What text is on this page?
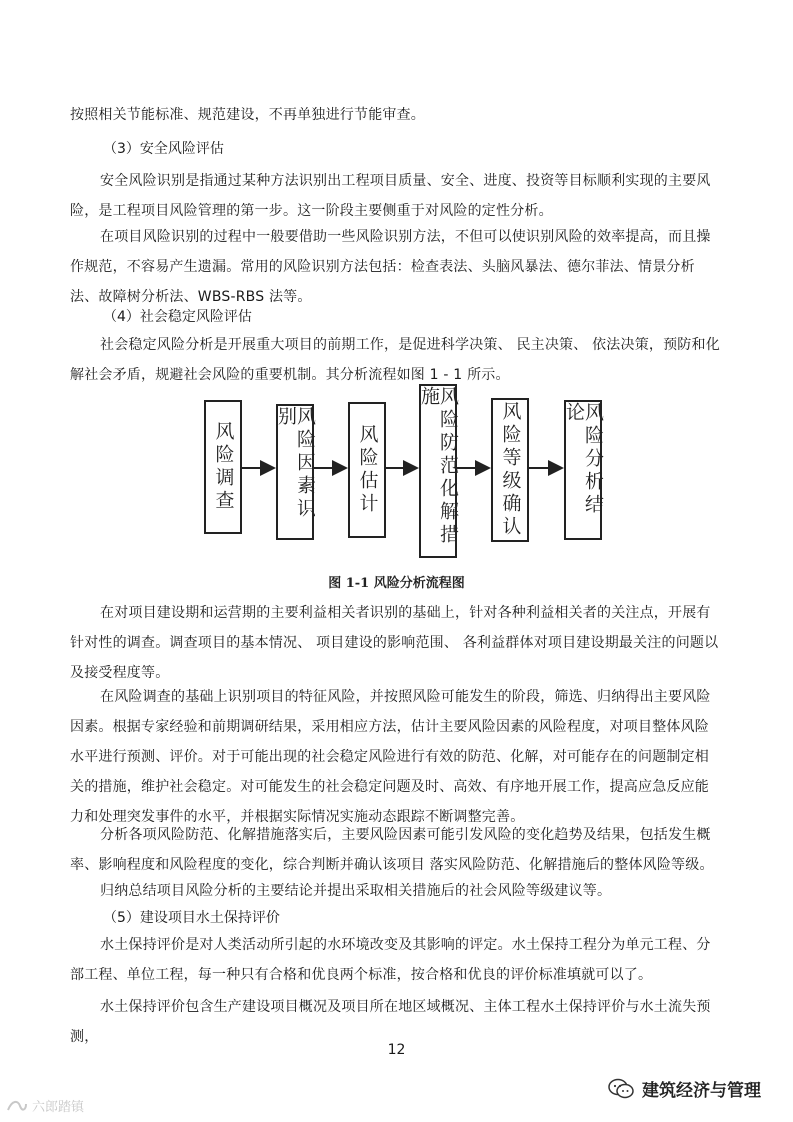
按照相关节能标准、规范建设，不再单独进行节能审查。

（3）安全风险评估

安全风险识别是指通过某种方法识别出工程项目质量、安全、进度、投资等目标顺利实现的主要风险，是工程项目风险管理的第一步。这一阶段主要侧重于对风险的定性分析。

在项目风险识别的过程中一般要借助一些风险识别方法，不但可以使识别风险的效率提高，而且操作规范，不容易产生遗漏。常用的风险识别方法包括：检查表法、头脑风暴法、德尔菲法、情景分析法、故障树分析法、WBS-RBS 法等。

（4）社会稳定风险评估

社会稳定风险分析是开展重大项目的前期工作，是促进科学决策、 民主决策、 依法决策，预防和化解社会矛盾，规避社会风险的重要机制。其分析流程如图 1 - 1 所示。

风险调查	风险因素识别
风险估计	风险防范化解措施
风险等级确认	风险分析结论
图 1-1 风险分析流程图

在对项目建设期和运营期的主要利益相关者识别的基础上，针对各种利益相关者的关注点，开展有针对性的调查。调查项目的基本情况、 项目建设的影响范围、 各利益群体对项目建设期最关注的问题以及接受程度等。

在风险调查的基础上识别项目的特征风险，并按照风险可能发生的阶段，筛选、归纳得出主要风险因素。根据专家经验和前期调研结果，采用相应方法，估计主要风险因素的风险程度，对项目整体风险水平进行预测、评价。对于可能出现的社会稳定风险进行有效的防范、化解，对可能存在的问题制定相关的措施，维护社会稳定。对可能发生的社会稳定问题及时、高效、有序地开展工作，提高应急反应能力和处理突发事件的水平，并根据实际情况实施动态跟踪不断调整完善。

分析各项风险防范、化解措施落实后，主要风险因素可能引发风险的变化趋势及结果，包括发生概率、影响程度和风险程度的变化，综合判断并确认该项目 落实风险防范、化解措施后的整体风险等级。

归纳总结项目风险分析的主要结论并提出采取相关措施后的社会风险等级建议等。

（5）建设项目水土保持评价

水土保持评价是对人类活动所引起的水环境改变及其影响的评定。水土保持工程分为单元工程、分部工程、单位工程，每一种只有合格和优良两个标准，按合格和优良的评价标准填就可以了。

水土保持评价包含生产建设项目概况及项目所在地区域概况、主体工程水土保持评价与水土流失预测，

12
建筑经济与管理
六郎踏镇
